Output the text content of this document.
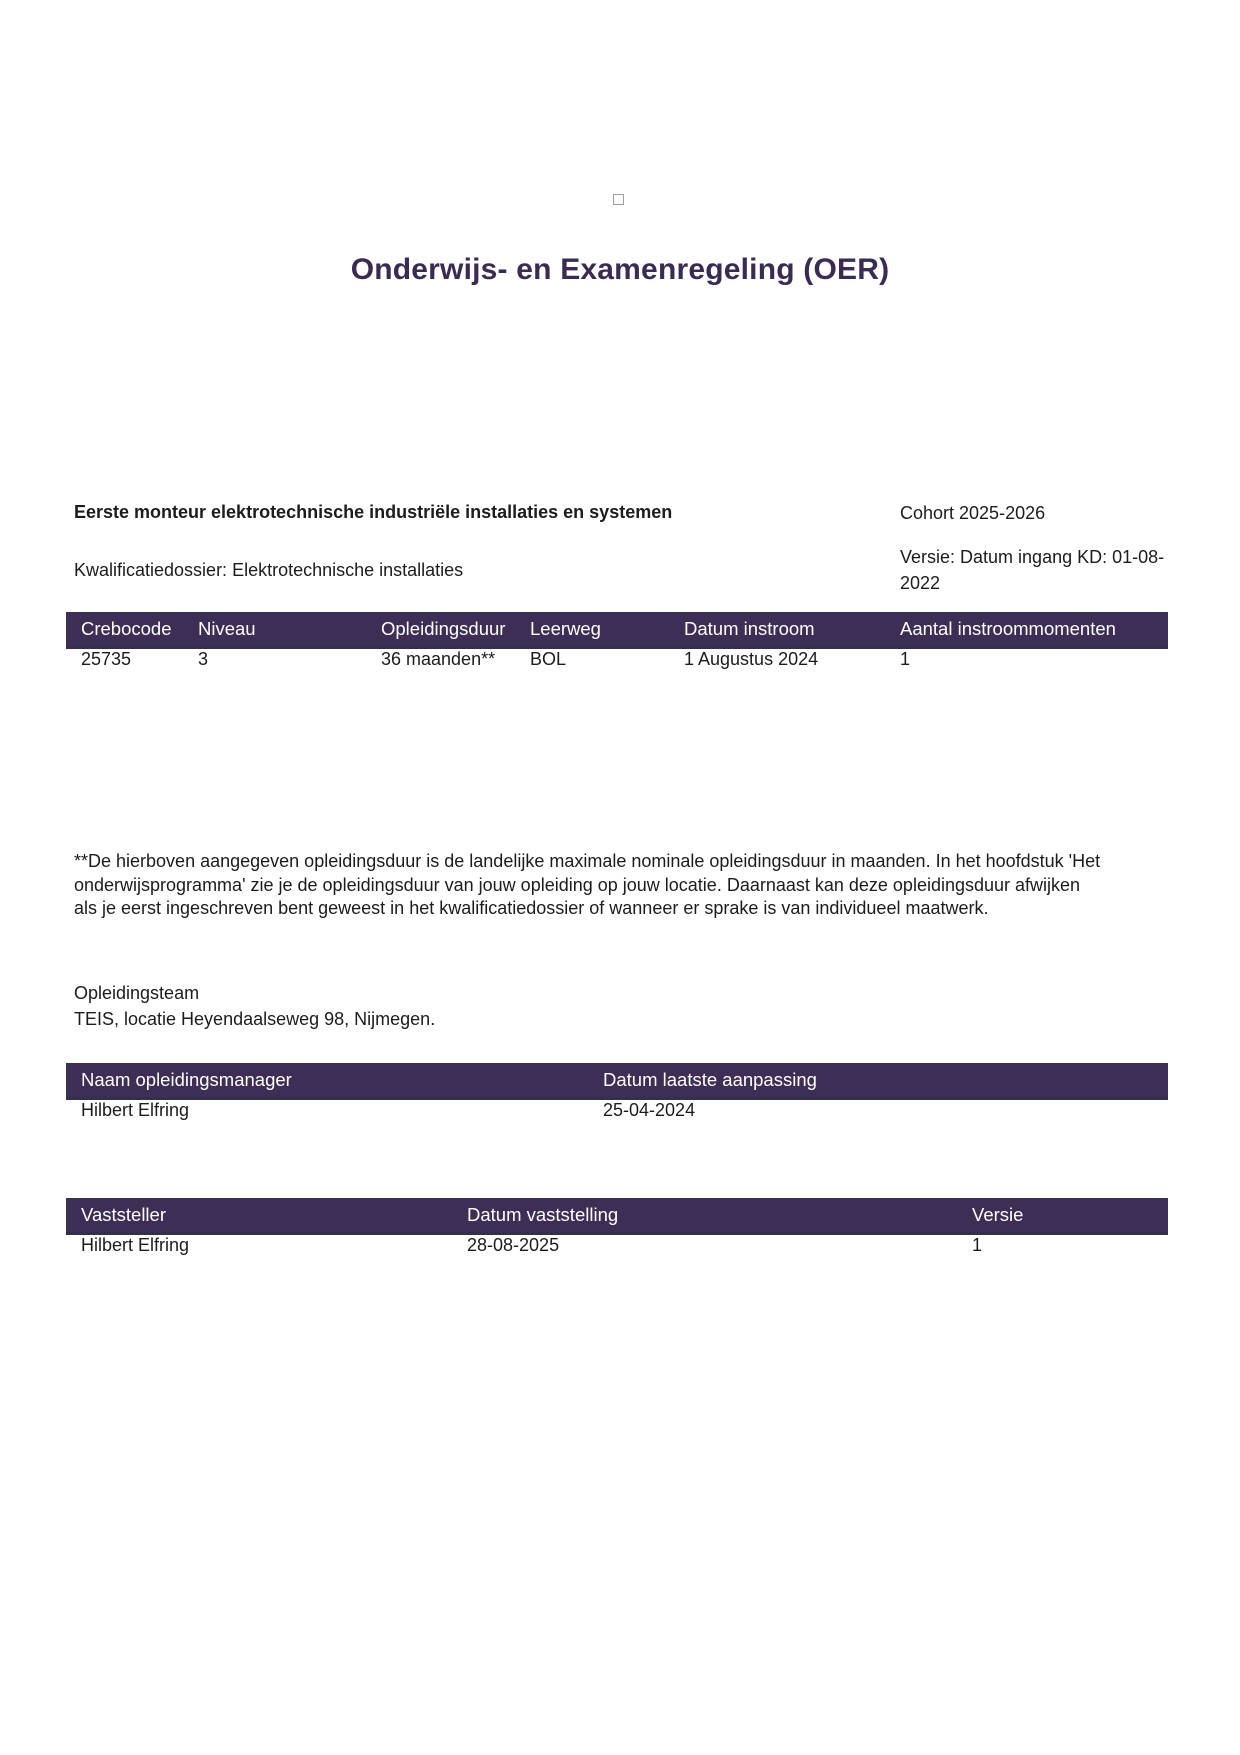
Onderwijs- en Examenregeling (OER)
Eerste monteur elektrotechnische industriële installaties en systemen	Cohort 2025-2026
Kwalificatiedossier: Elektrotechnische installaties
Versie: Datum ingang KD: 01-08-2022
Crebocode	Niveau	Opleidingsduur	Leerweg	Datum instroom	Aantal instroommomenten
25735	3	36 maanden**	BOL	1 Augustus 2024	1
**De hierboven aangegeven opleidingsduur is de landelijke maximale nominale opleidingsduur in maanden. In het hoofdstuk 'Het onderwijsprogramma' zie je de opleidingsduur van jouw opleiding op jouw locatie. Daarnaast kan deze opleidingsduur afwijken als je eerst ingeschreven bent geweest in het kwalificatiedossier of wanneer er sprake is van individueel maatwerk.
Opleidingsteam
TEIS, locatie Heyendaalseweg 98, Nijmegen.
Naam opleidingsmanager	Datum laatste aanpassing
Hilbert Elfring	25-04-2024
Vaststeller	Datum vaststelling	Versie
Hilbert Elfring	28-08-2025	1
